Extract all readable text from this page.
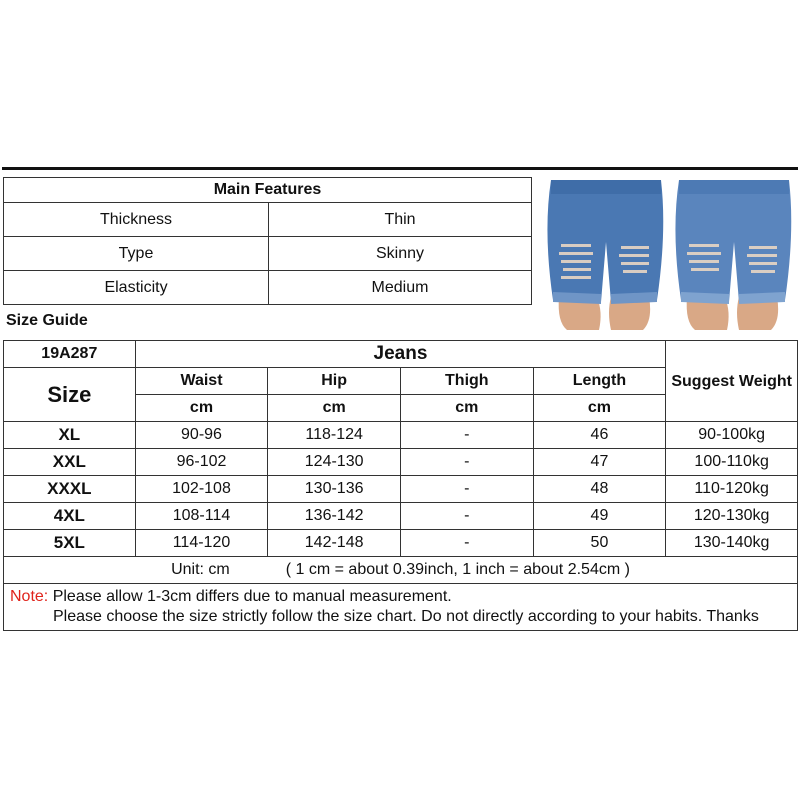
Main Features	
Thickness	Thin
Type	Skinny
Elasticity	Medium
Size Guide
19A287	Jeans				Suggest Weight
Size	Waist	Hip	Thigh	Length	
	cm	cm	cm	cm	
XL	90-96	118-124	-	46	90-100kg
XXL	96-102	124-130	-	47	100-110kg
XXXL	102-108	130-136	-	48	110-120kg
4XL	108-114	136-142	-	49	120-130kg
5XL	114-120	142-148	-	50	130-140kg
Unit: cm ( 1 cm = about 0.39inch, 1 inch = about 2.54cm )					

Note: Please allow 1-3cm differs due to manual measurement.
Please choose the size strictly follow the size chart. Do not directly according to your habits. Thanks					
